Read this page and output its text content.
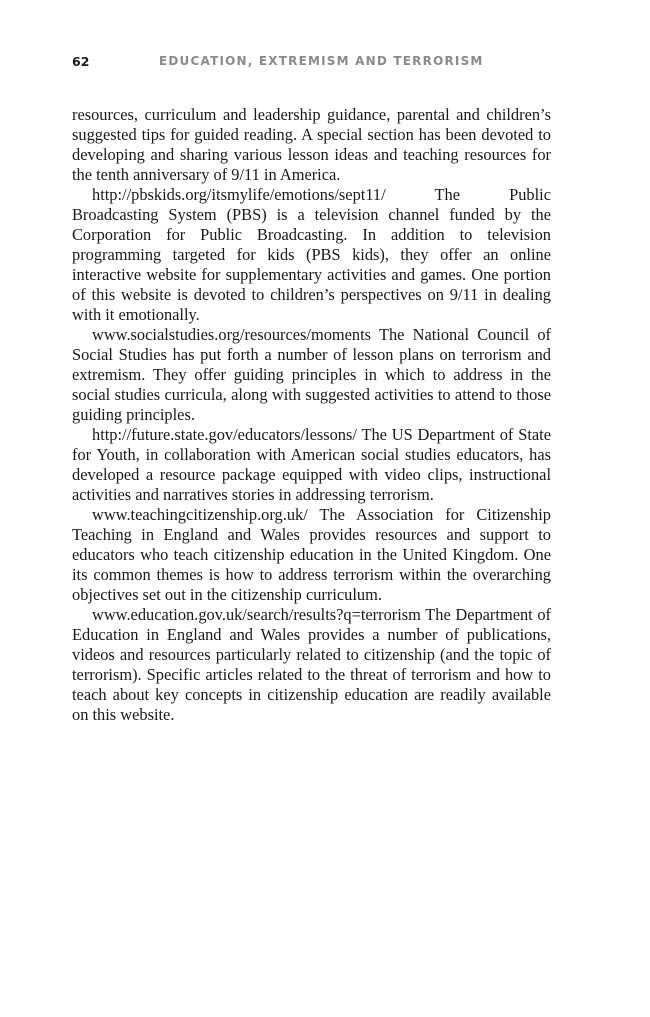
62	EDUCATION, EXTREMISM AND TERRORISM

resources, curriculum and leadership guidance, parental and children’s suggested tips for guided reading. A special section has been devoted to developing and sharing various lesson ideas and teaching resources for the tenth anniversary of 9/11 in America.

http://pbskids.org/itsmylife/emotions/sept11/	The Public Broadcasting System (PBS) is a television channel funded by the Corporation for Public Broadcasting. In addition to television programming targeted for kids (PBS kids), they offer an online interactive website for supplementary activities and games. One portion of this website is devoted to children’s perspectives on 9/11 in dealing with it emotionally.

www.socialstudies.org/resources/moments The National Council of Social Studies has put forth a number of lesson plans on terrorism and extremism. They offer guiding principles in which to address in the social studies curricula, along with suggested activities to attend to those guiding principles.

http://future.state.gov/educators/lessons/ The US Department of State for Youth, in collaboration with American social studies educators, has developed a resource package equipped with video clips, instructional activities and narratives stories in addressing terrorism.

www.teachingcitizenship.org.uk/ The Association for Citizenship Teaching in England and Wales provides resources and support to educators who teach citizenship education in the United Kingdom. One its common themes is how to address terrorism within the overarching objectives set out in the citizenship curriculum.

www.education.gov.uk/search/results?q=terrorism The Department of Education in England and Wales provides a number of publications, videos and resources particularly related to citizenship (and the topic of terrorism). Specific articles related to the threat of terrorism and how to teach about key concepts in citizenship education are readily available on this website.
